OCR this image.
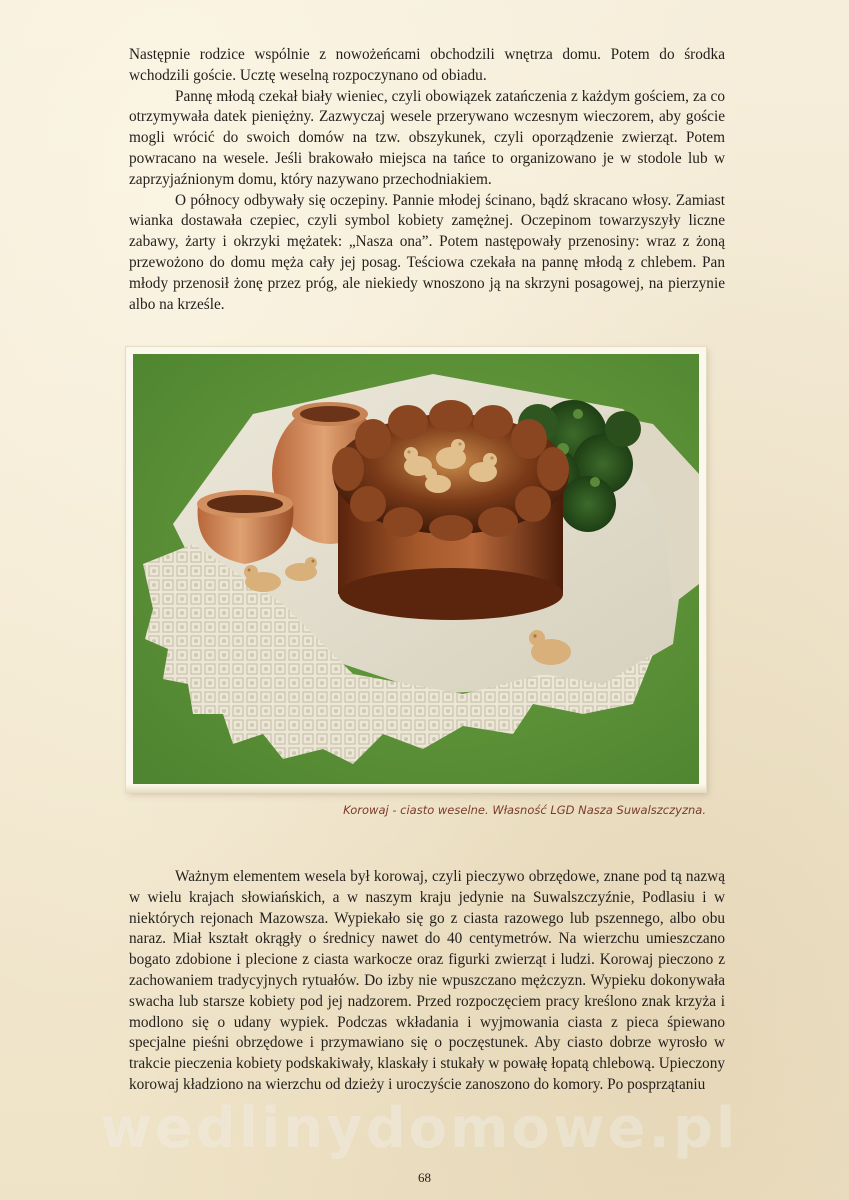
Następnie rodzice wspólnie z nowożeńcami obchodzili wnętrza domu. Potem do środka wchodzili goście. Ucztę weselną rozpoczynano od obiadu.

Pannę młodą czekał biały wieniec, czyli obowiązek zatańczenia z każdym gościem, za co otrzymywała datek pieniężny. Zazwyczaj wesele przerywano wczesnym wieczorem, aby goście mogli wrócić do swoich domów na tzw. obszykunek, czyli oporządzenie zwierząt. Potem powracano na wesele. Jeśli brakowało miejsca na tańce to organizowano je w stodole lub w zaprzyjaźnionym domu, który nazywano przechodniakiem.

O północy odbywały się oczepiny. Pannie młodej ścinano, bądź skracano włosy. Zamiast wianka dostawała czepiec, czyli symbol kobiety zamężnej. Oczepinom towarzyszyły liczne zabawy, żarty i okrzyki mężatek: „Nasza ona”. Potem następowały przenosiny: wraz z żoną przewożono do domu męża cały jej posag. Teściowa czekała na pannę młodą z chlebem. Pan młody przenosił żonę przez próg, ale niekiedy wnoszono ją na skrzyni posagowej, na pierzynie albo na krześle.

Korowaj - ciasto weselne. Własność LGD Nasza Suwalszczyzna.

Ważnym elementem wesela był korowaj, czyli pieczywo obrzędowe, znane pod tą nazwą w wielu krajach słowiańskich, a w naszym kraju jedynie na Suwalszczyźnie, Podlasiu i w niektórych rejonach Mazowsza. Wypiekało się go z ciasta razowego lub pszennego, albo obu naraz. Miał kształt okrągły o średnicy nawet do 40 centymetrów. Na wierzchu umieszczano bogato zdobione i plecione z ciasta warkocze oraz figurki zwierząt i ludzi. Korowaj pieczono z zachowaniem tradycyjnych rytuałów. Do izby nie wpuszczano mężczyzn. Wypieku dokonywała swacha lub starsze kobiety pod jej nadzorem. Przed rozpoczęciem pracy kreślono znak krzyża i modlono się o udany wypiek. Podczas wkładania i wyjmowania ciasta z pieca śpiewano specjalne pieśni obrzędowe i przymawiano się o poczęstunek. Aby ciasto dobrze wyrosło w trakcie pieczenia kobiety podskakiwały, klaskały i stukały w powałę łopatą chlebową. Upieczony korowaj kładziono na wierzchu od dzieży i uroczyście zanoszono do komory. Po posprzątaniu

wedlinydomowe.pl
68
